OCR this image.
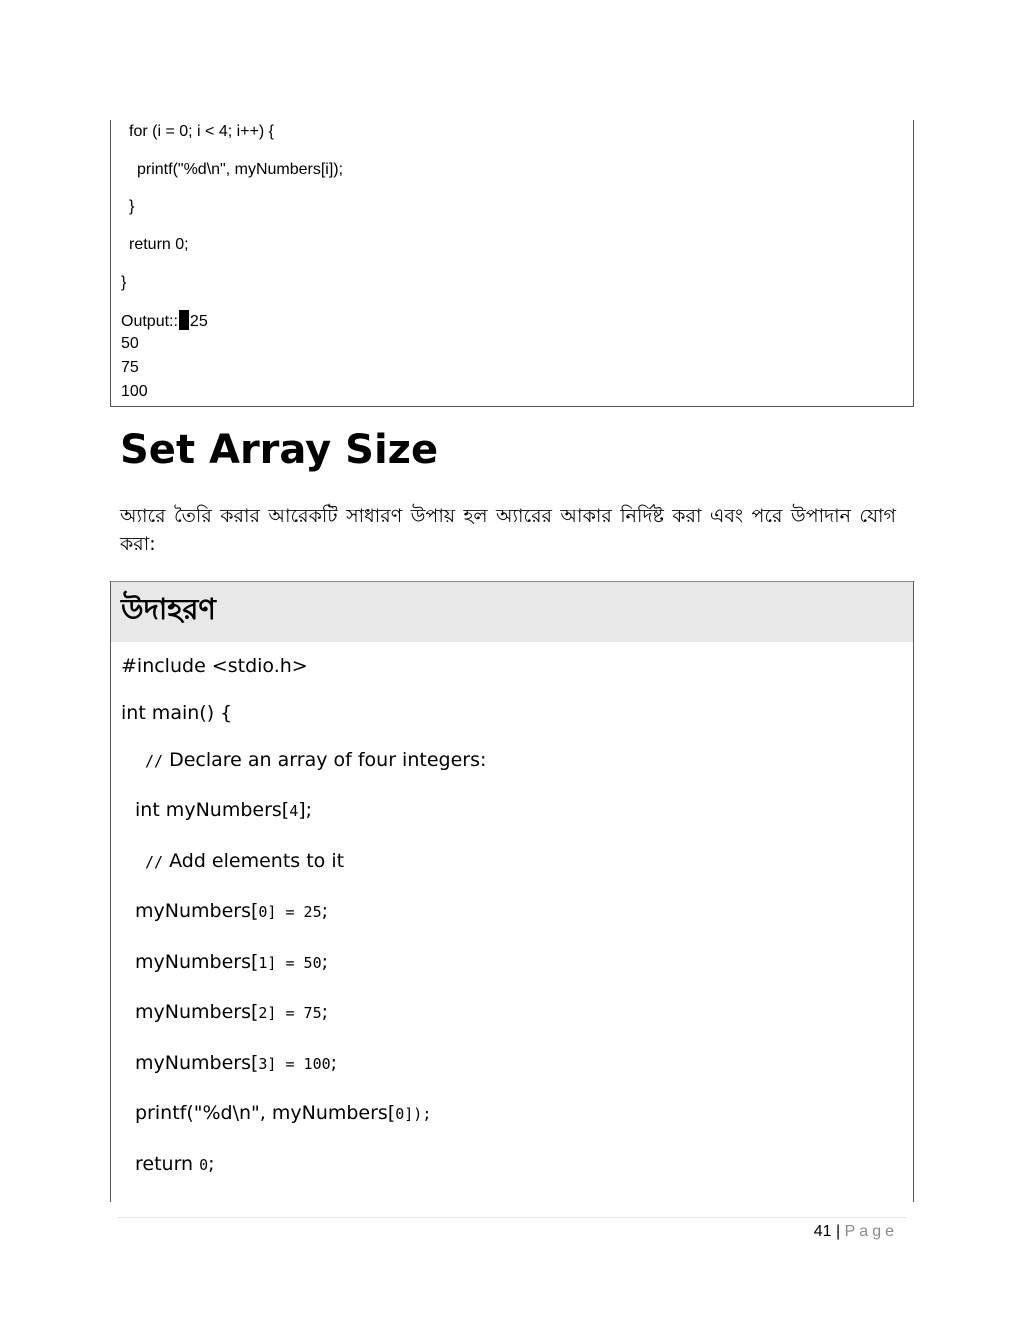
for (i = 0; i < 4; i++) {
printf("%d\n", myNumbers[i]);
}
return 0;
}
Output:: 25
50
75
100
Set Array Size
অ্যারে তৈরি করার আরেকটি সাধারণ উপায় হল অ্যারের আকার নির্দিষ্ট করা এবং পরে উপাদান যোগ করা:
উদাহরণ
#include <stdio.h>
int main() {
// Declare an array of four integers:
int myNumbers[4];
// Add elements to it
myNumbers[0] = 25;
myNumbers[1] = 50;
myNumbers[2] = 75;
myNumbers[3] = 100;
printf("%d\n", myNumbers[0]);
return 0;
41 | Page
